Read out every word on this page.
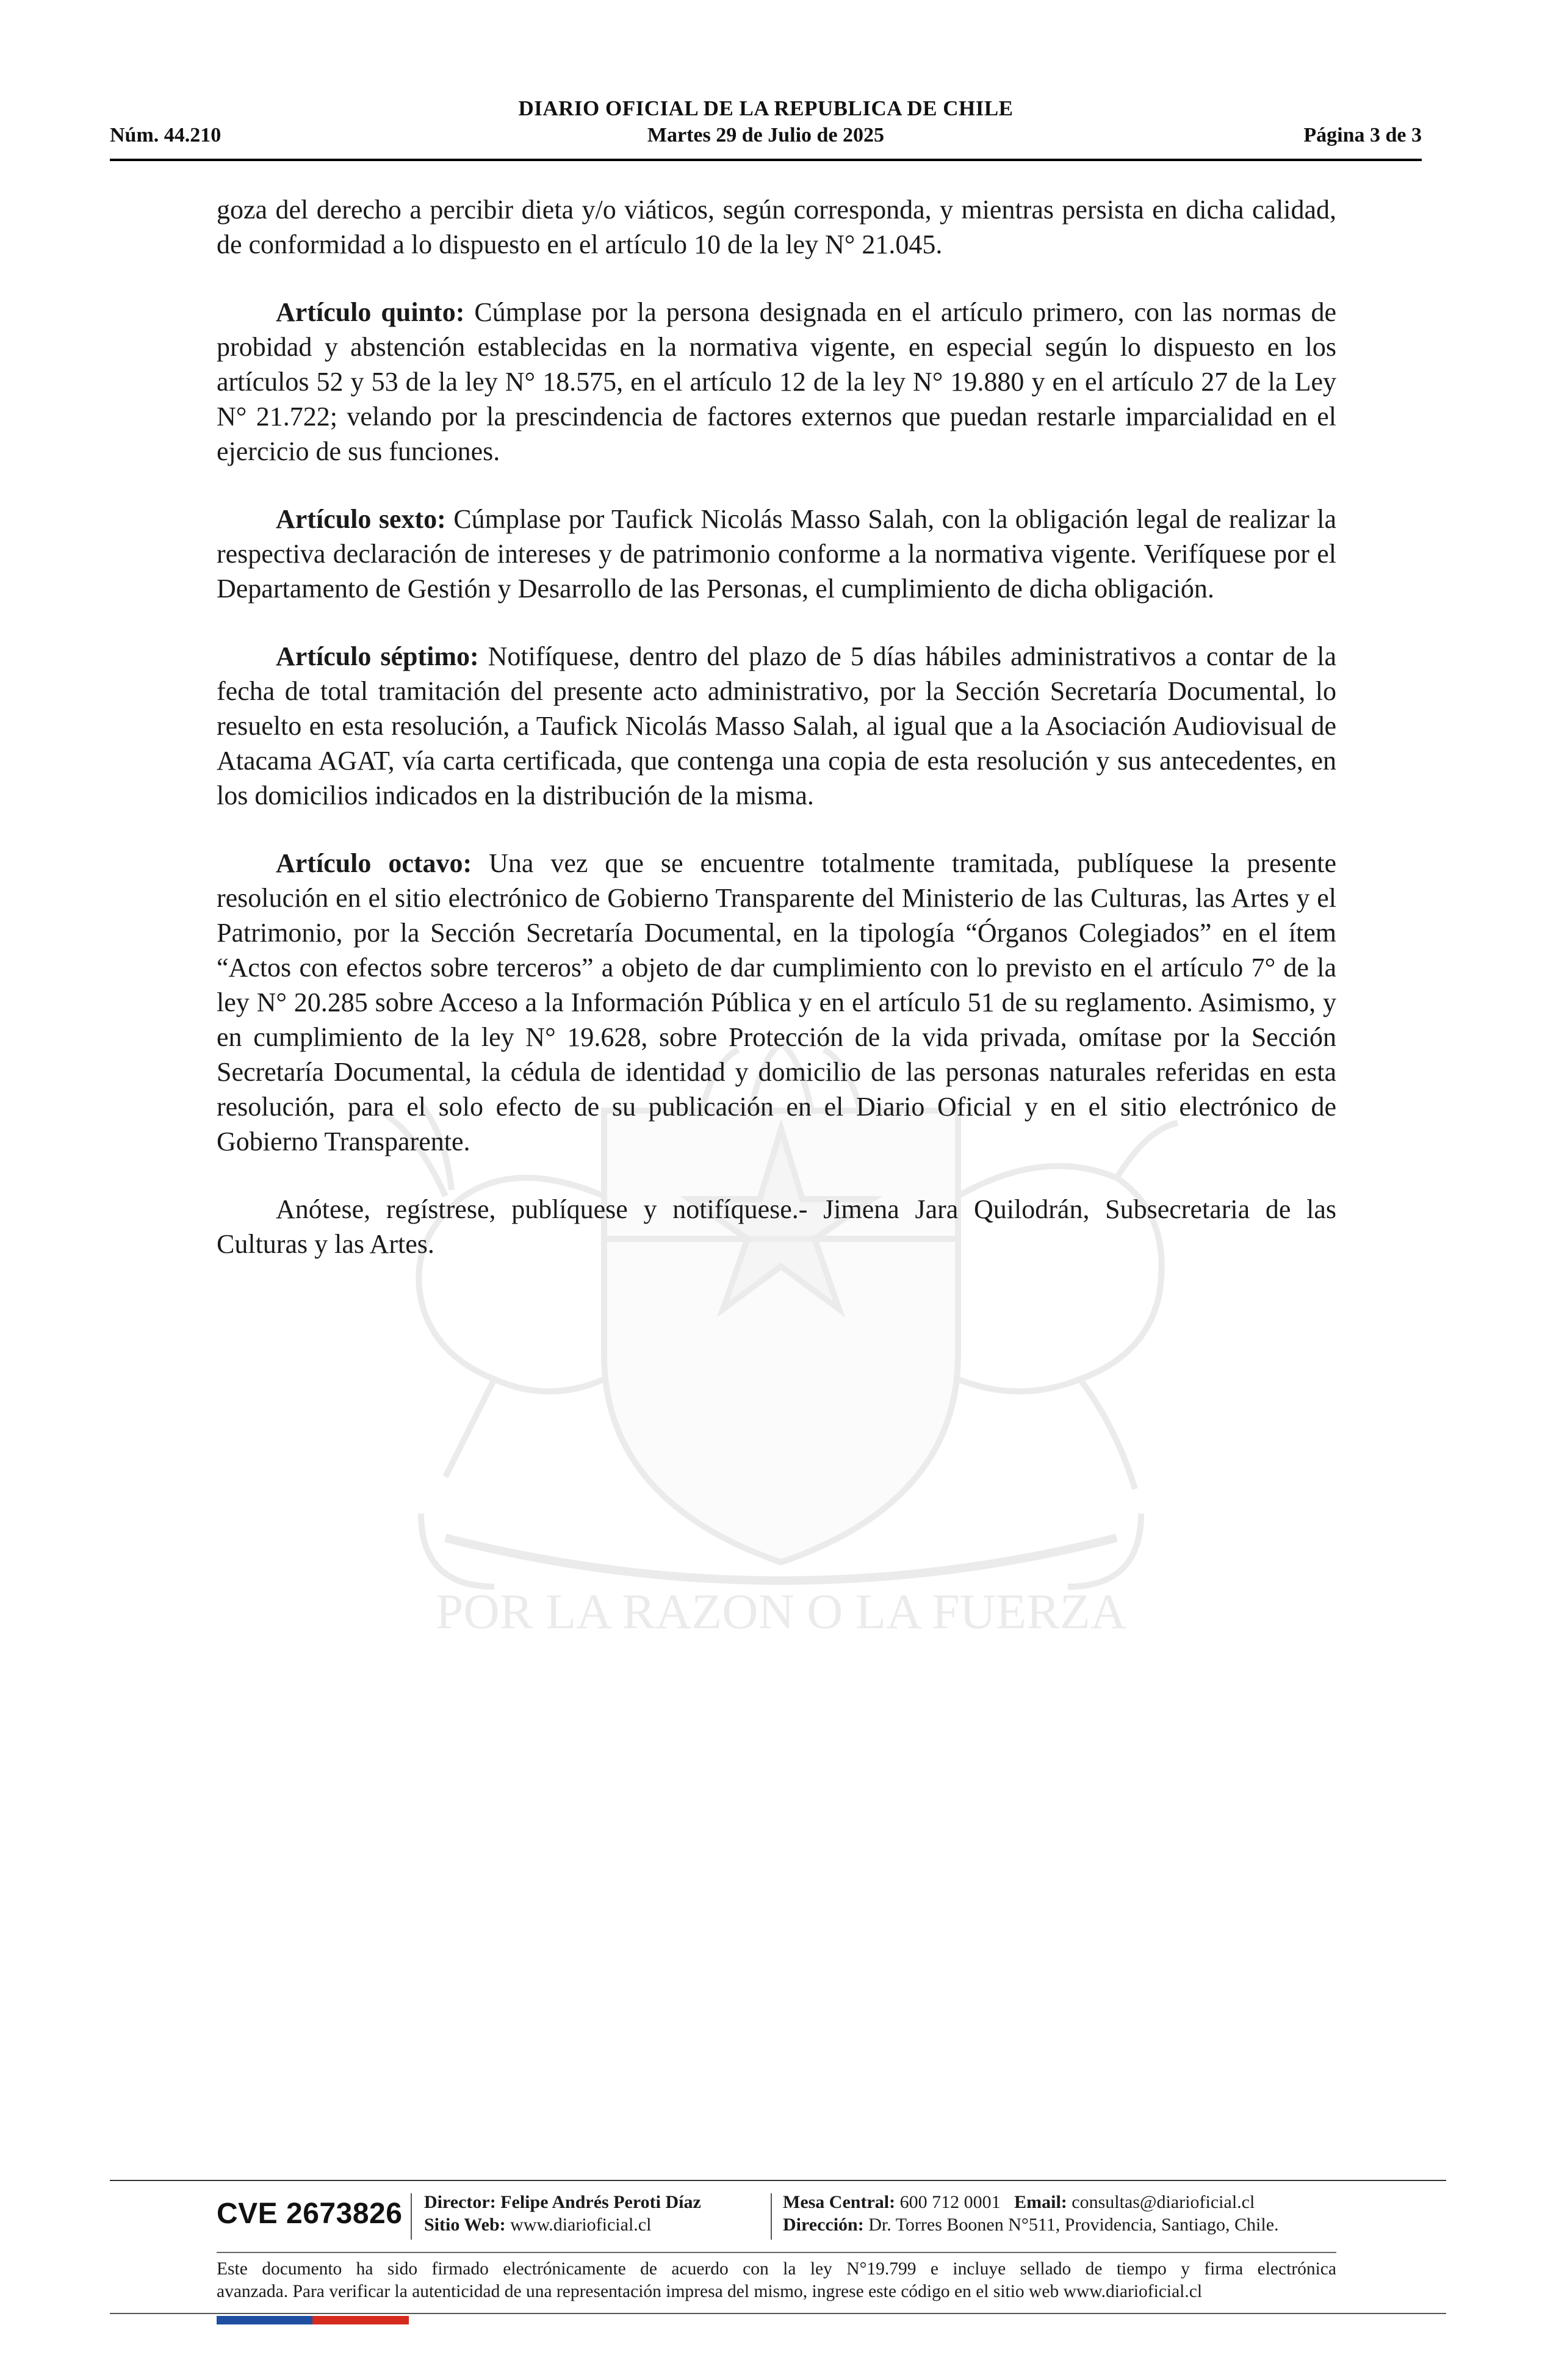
POR LA RAZON O LA FUERZA
DIARIO OFICIAL DE LA REPUBLICA DE CHILE
Núm. 44.210	Martes 29 de Julio de 2025	Página 3 de 3

goza del derecho a percibir dieta y/o viáticos, según corresponda, y mientras persista en dicha calidad, de conformidad a lo dispuesto en el artículo 10 de la ley N° 21.045.

Artículo quinto: Cúmplase por la persona designada en el artículo primero, con las normas de probidad y abstención establecidas en la normativa vigente, en especial según lo dispuesto en los artículos 52 y 53 de la ley N° 18.575, en el artículo 12 de la ley N° 19.880 y en el artículo 27 de la Ley N° 21.722; velando por la prescindencia de factores externos que puedan restarle imparcialidad en el ejercicio de sus funciones.

Artículo sexto: Cúmplase por Taufick Nicolás Masso Salah, con la obligación legal de realizar la respectiva declaración de intereses y de patrimonio conforme a la normativa vigente. Verifíquese por el Departamento de Gestión y Desarrollo de las Personas, el cumplimiento de dicha obligación.

Artículo séptimo: Notifíquese, dentro del plazo de 5 días hábiles administrativos a contar de la fecha de total tramitación del presente acto administrativo, por la Sección Secretaría Documental, lo resuelto en esta resolución, a Taufick Nicolás Masso Salah, al igual que a la Asociación Audiovisual de Atacama AGAT, vía carta certificada, que contenga una copia de esta resolución y sus antecedentes, en los domicilios indicados en la distribución de la misma.

Artículo octavo: Una vez que se encuentre totalmente tramitada, publíquese la presente resolución en el sitio electrónico de Gobierno Transparente del Ministerio de las Culturas, las Artes y el Patrimonio, por la Sección Secretaría Documental, en la tipología “Órganos Colegiados” en el ítem “Actos con efectos sobre terceros” a objeto de dar cumplimiento con lo previsto en el artículo 7° de la ley N° 20.285 sobre Acceso a la Información Pública y en el artículo 51 de su reglamento. Asimismo, y en cumplimiento de la ley N° 19.628, sobre Protección de la vida privada, omítase por la Sección Secretaría Documental, la cédula de identidad y domicilio de las personas naturales referidas en esta resolución, para el solo efecto de su publicación en el Diario Oficial y en el sitio electrónico de Gobierno Transparente.

Anótese, regístrese, publíquese y notifíquese.- Jimena Jara Quilodrán, Subsecretaria de las Culturas y las Artes.

CVE 2673826 Director: Felipe Andrés Peroti Díaz
Sitio Web: www.diarioficial.cl
Mesa Central: 600 712 0001 Email: consultas@diarioficial.cl
Dirección: Dr. Torres Boonen N°511, Providencia, Santiago, Chile.
Este documento ha sido firmado electrónicamente de acuerdo con la ley N°19.799 e incluye sellado de tiempo y firma electrónica
avanzada. Para verificar la autenticidad de una representación impresa del mismo, ingrese este código en el sitio web www.diarioficial.cl
